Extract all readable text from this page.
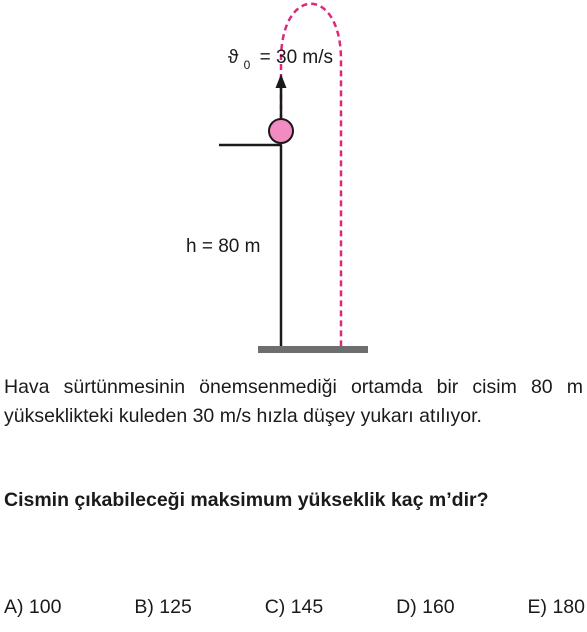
ϑ $_0$ = 30 m/s
h = 80 m
Hava sürtünmesinin önemsenmediği ortamda bir cisim 80 m yükseklikteki kuleden 30 m/s hızla düşey yukarı atılıyor.
Cismin çıkabileceği maksimum yükseklik kaç m’dir?
A) 100	B) 125	C) 145	D) 160	E) 180
